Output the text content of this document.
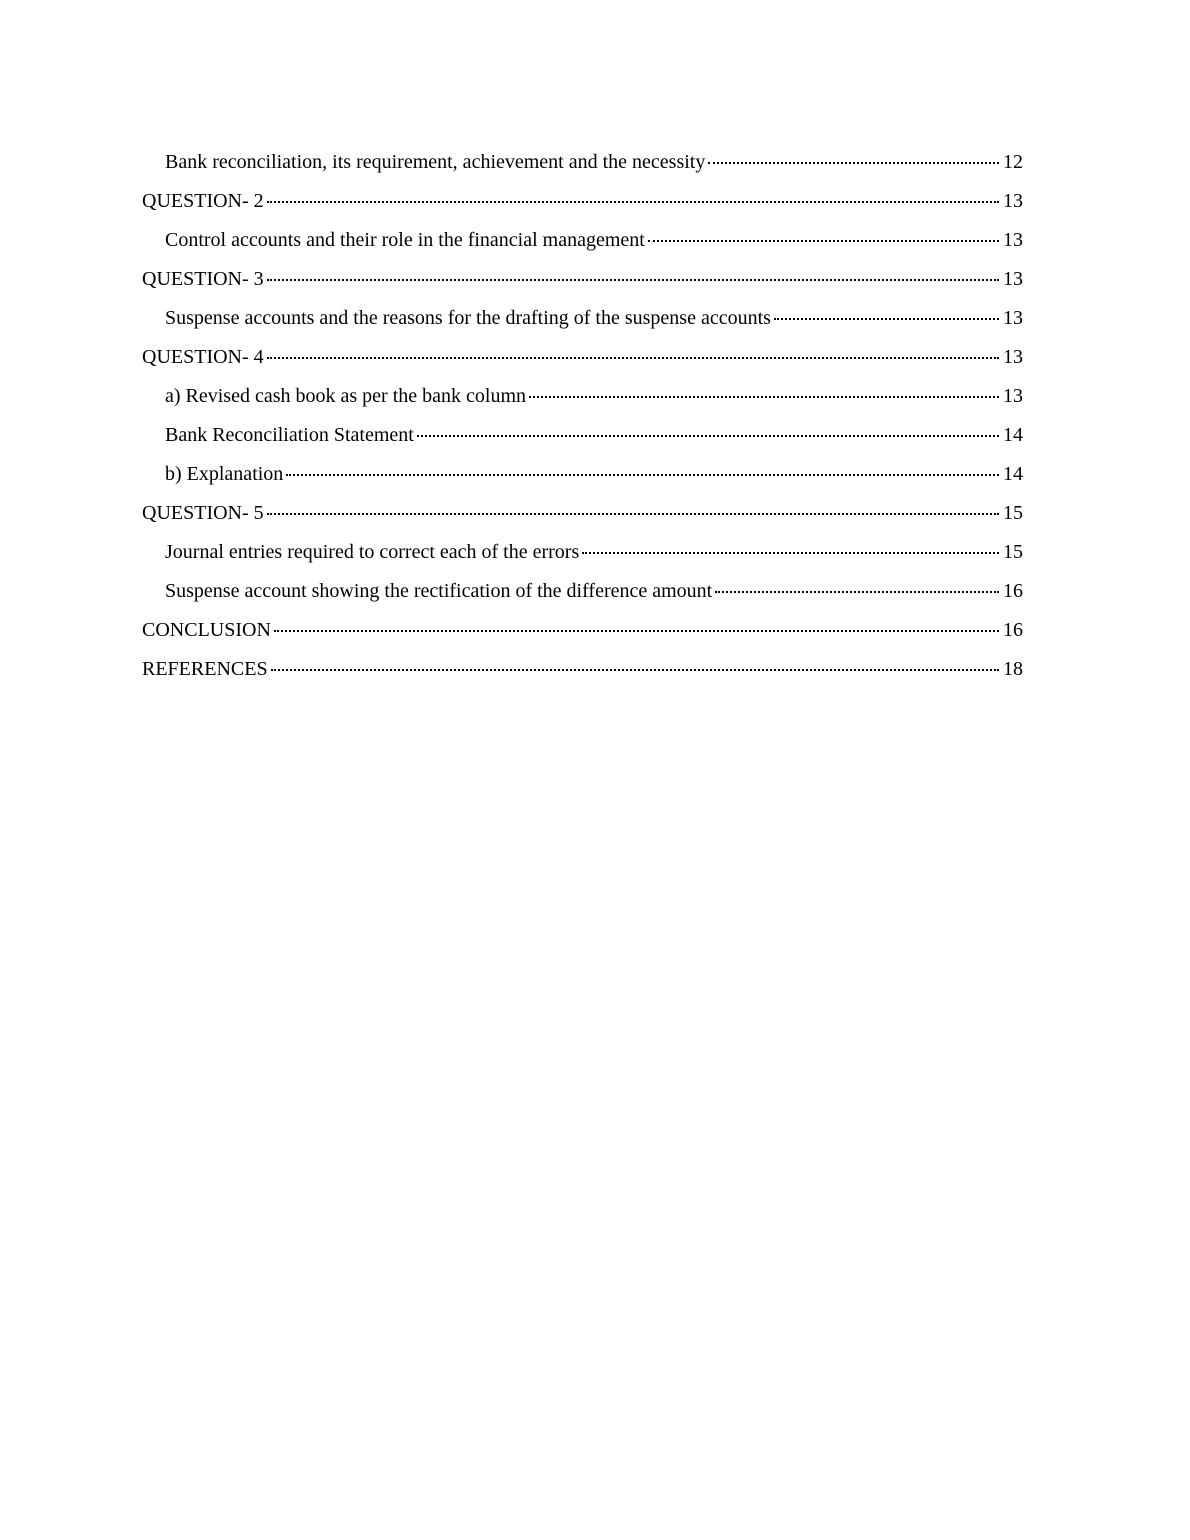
Bank reconciliation, its requirement, achievement and the necessity	12
QUESTION- 2	13
Control accounts and their role in the financial management	13
QUESTION- 3	13
Suspense accounts and the reasons for the drafting of the suspense accounts	13
QUESTION- 4	13
a) Revised cash book as per the bank column	13
Bank Reconciliation Statement	14
b) Explanation	14
QUESTION- 5	15
Journal entries required to correct each of the errors	15
Suspense account showing the rectification of the difference amount	16
CONCLUSION	16
REFERENCES	18
